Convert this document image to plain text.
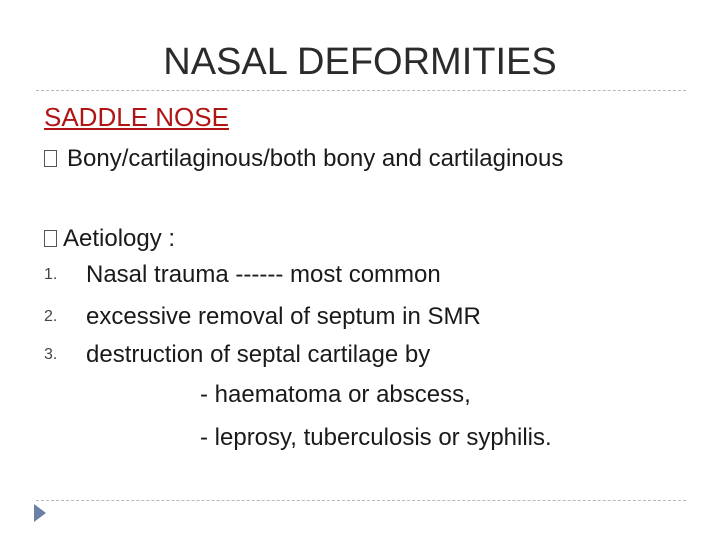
NASAL DEFORMITIES
SADDLE NOSE
Bony/cartilaginous/both bony and cartilaginous
Aetiology :
1. Nasal trauma ------ most common
2. excessive removal of septum in SMR
3. destruction of septal cartilage by
- haematoma or abscess,
- leprosy, tuberculosis or syphilis.
